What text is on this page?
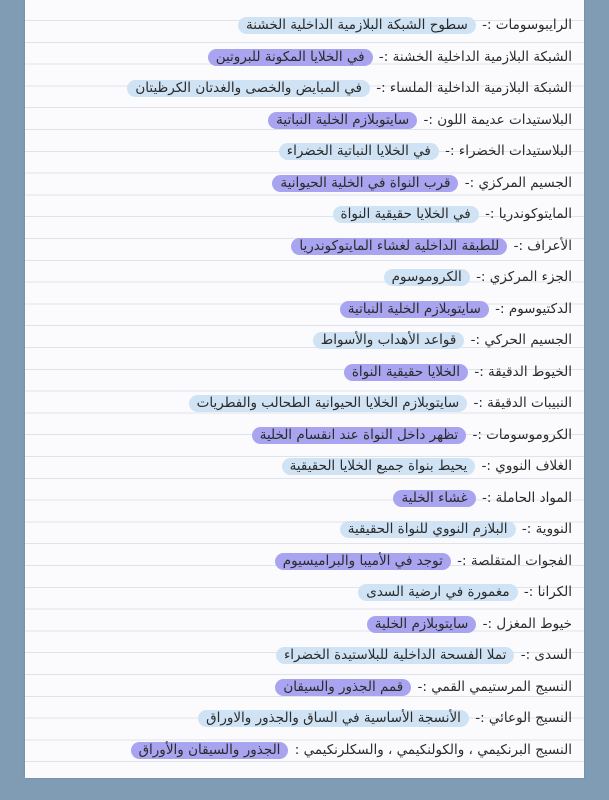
الرايبوسومات :- سطوح الشبكة البلازمية الداخلية الخشنة
الشبكة البلازمية الداخلية الخشنة :- في الخلايا المكونة للبروتين
الشبكة البلازمية الداخلية الملساء :- في المبايض والخصى والغدتان الكرظيتان
البلاستيدات عديمة اللون :- سايتوبلازم الخلية النباتية
البلاستيدات الخضراء :- في الخلايا النباتية الخضراء
الجسيم المركزي :- قرب النواة في الخلية الحيوانية
المايتوكوندريا :- في الخلايا حقيقية النواة
الأعراف :- للطبقة الداخلية لغشاء المايتوكوندريا
الجزء المركزي :- الكروموسوم
الدكتيوسوم :- سايتوبلازم الخلية النباتية
الجسيم الحركي :- قواعد الأهداب والأسواط
الخيوط الدقيقة :- الخلايا حقيقية النواة
النبيبات الدقيقة :- سايتوبلازم الخلايا الحيوانية الطحالب والفطريات
الكروموسومات :- تظهر داخل النواة عند انقسام الخلية
الغلاف النووي :- يحيط بنواة جميع الخلايا الحقيقية
المواد الحاملة :- غشاء الخلية
النووية :- البلازم النووي للنواة الحقيقية
الفجوات المتقلصة :- توجد في الأميبا والبراميسيوم
الكرانا :- مغمورة في ارضية السدى
خيوط المغزل :- سايتوبلازم الخلية
السدى :- تملا الفسحة الداخلية للبلاستيدة الخضراء
النسيج المرستيمي القمي :- قمم الجذور والسيقان
النسيج الوعائي :- الأنسجة الأساسية في الساق والجذور والاوراق
النسيج البرنكيمي ، والكولنكيمي ، والسكلرنكيمي : الجذور والسيقان والأوراق
